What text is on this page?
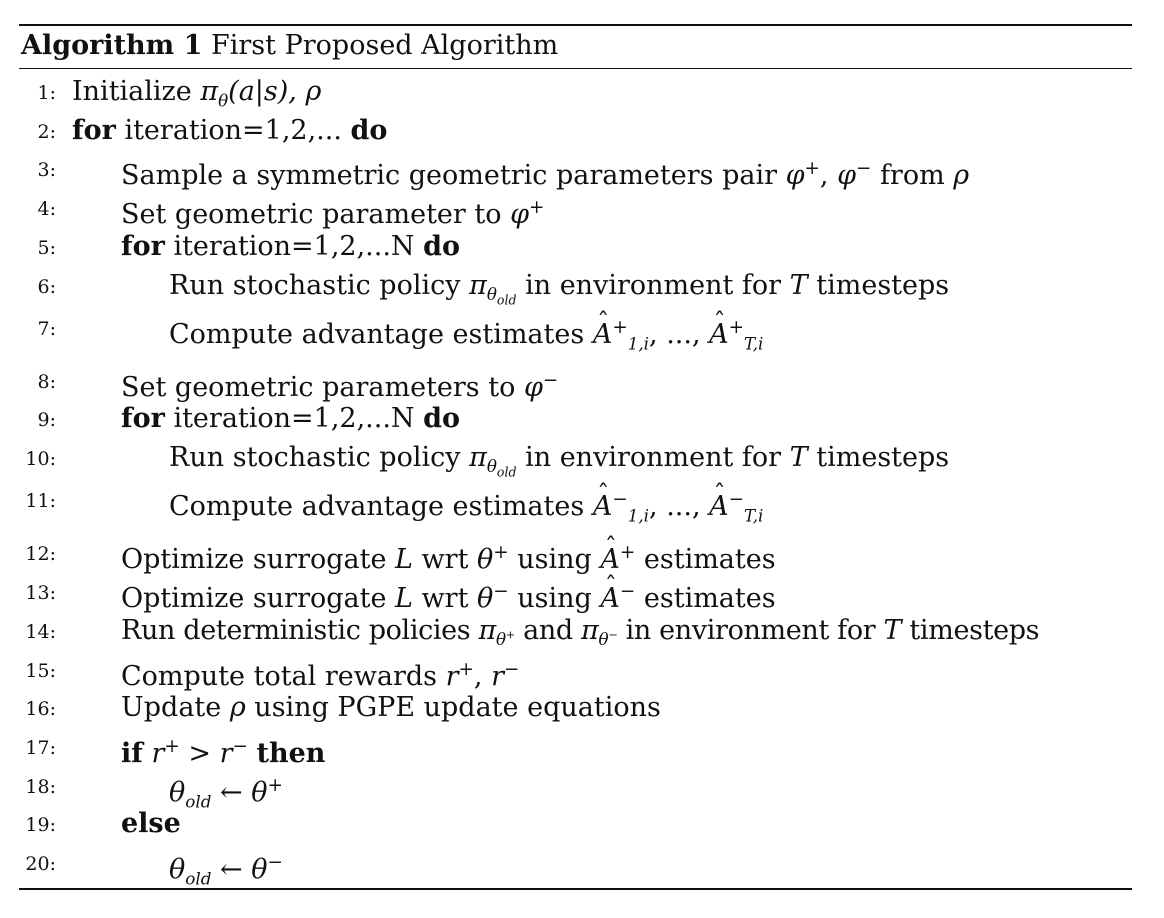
Algorithm 1 First Proposed Algorithm
1: Initialize $\pi_\theta(a|s)$, ρ
2: for iteration=1,2,... do
3: Sample a symmetric geometric parameters pair φ+, φ− from ρ
4: Set geometric parameter to φ+
5: for iteration=1,2,...N do
6:	Run stochastic policy $\pi_{\theta_{old}}$ in environment for T timesteps
7:	Compute advantage estimates ˆ $A^+_{1,i}$, ..., ˆ $A^+_{T,i}$
8: Set geometric parameters to φ−
9: for iteration=1,2,...N do
10:	Run stochastic policy $\pi_{\theta_{old}}$ in environment for T timesteps
11:	Compute advantage estimates ˆ $A^-_{1,i}$, ..., ˆ $A^-_{T,i}$
12: Optimize surrogate L wrt θ+ using ˆ A+ estimates
13: Optimize surrogate L wrt θ− using ˆ A− estimates
14: Run deterministic policies $\pi_{\theta^+}$ and $\pi_{\theta^-}$ in environment for T timesteps
15: Compute total rewards r+, r−
16: Update ρ using PGPE update equations
17: if r+ > r− then
18:	$\theta_{old}$ ← θ+
19: else
20:	$\theta_{old}$ ← θ−
